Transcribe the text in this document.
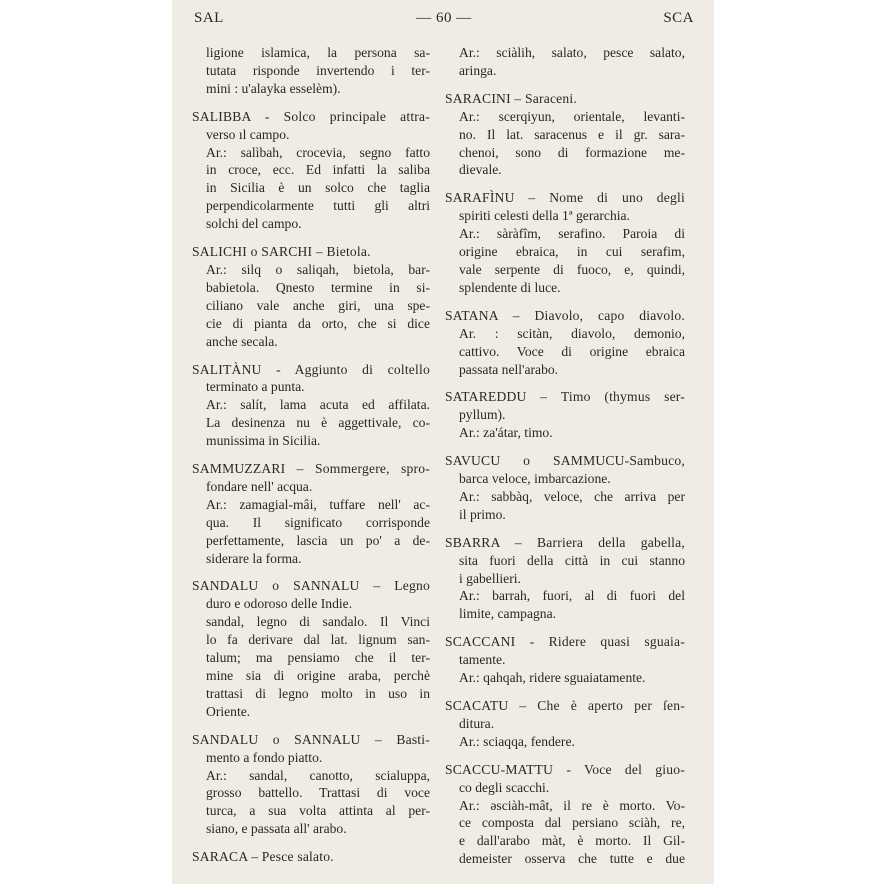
SAL	— 60 —	SCA
ligione islamica, la persona sa-
tutata risponde invertendo i ter-
mini : u'alayka esselèm).
SALIBBA - Solco principale attra-
verso ıl campo.
Ar.: salìbah, crocevia, segno fatto
in croce, ecc. Ed infatti la saliba
in Sicilia è un solco che taglia
perpendicolarmente tutti gli altri
solchi del campo.
SALICHI o SARCHI – Bietola.
Ar.: silq o saliqah, bietola, bar-
babietola. Qnesto termine in si-
ciliano vale anche giri, una spe-
cie di pianta da orto, che si dice
anche secala.
SALITÀNU - Aggiunto di coltello
terminato a punta.
Ar.: salít, lama acuta ed affilata.
La desinenza nu è aggettivale, co-
munissima in Sicilia.
SAMMUZZARI – Sommergere, spro-
fondare nell' acqua.
Ar.: zamagial-mâi, tuffare nell' ac-
qua. Il significato corrisponde
perfettamente, lascia un po' a de-
siderare la forma.
SANDALU o SANNALU – Legno
duro e odoroso delle Indie.
sandal, legno di sandalo. Il Vinci
lo fa derivare dal lat. lignum san-
talum; ma pensiamo che il ter-
mine sia di origine araba, perchè
trattasi di legno molto in uso in
Oriente.
SANDALU o SANNALU – Basti-
mento a fondo piatto.
Ar.: sandal, canotto, scialuppa,
grosso battello. Trattasi di voce
turca, a sua volta attinta al per-
siano, e passata all' arabo.
SARACA – Pesce salato.
Ar.: sciàlih, salato, pesce salato,
aringa.
SARACINI – Saraceni.
Ar.: scerqiyun, orientale, levanti-
no. Il lat. saracenus e il gr. sara-
chenoi, sono di formazione me-
dievale.
SARAFÌNU – Nome di uno degli
spiriti celesti della 1ª gerarchia.
Ar.: sàràfîm, serafino. Paroia di
origine ebraica, in cui serafim,
vale serpente di fuoco, e, quindi,
splendente di luce.
SATANA – Diavolo, capo diavolo.
Ar. : scitàn, diavolo, demonio,
cattivo. Voce di origine ebraica
passata nell'arabo.
SATAREDDU – Timo (thymus ser-
pyllum).
Ar.: za'átar, timo.
SAVUCU o SAMMUCU-Sambuco,
barca veloce, imbarcazione.
Ar.: sabbàq, veloce, che arriva per
il primo.
SBARRA – Barriera della gabella,
sita fuori della città in cui stanno
i gabellieri.
Ar.: barrah, fuori, al di fuori del
limite, campagna.
SCACCANI - Ridere quasi sguaia-
tamente.
Ar.: qahqah, ridere sguaiatamente.
SCACATU – Che è aperto per ſen-
ditura.
Ar.: sciaqqa, fendere.
SCACCU-MATTU - Voce del giuo-
co degli scacchi.
Ar.: əsciàh-mât, il re è morto. Vo-
ce composta dal persiano sciàh, re,
e dall'arabo màt, è morto. Il Gil-
demeister osserva che tutte e due
